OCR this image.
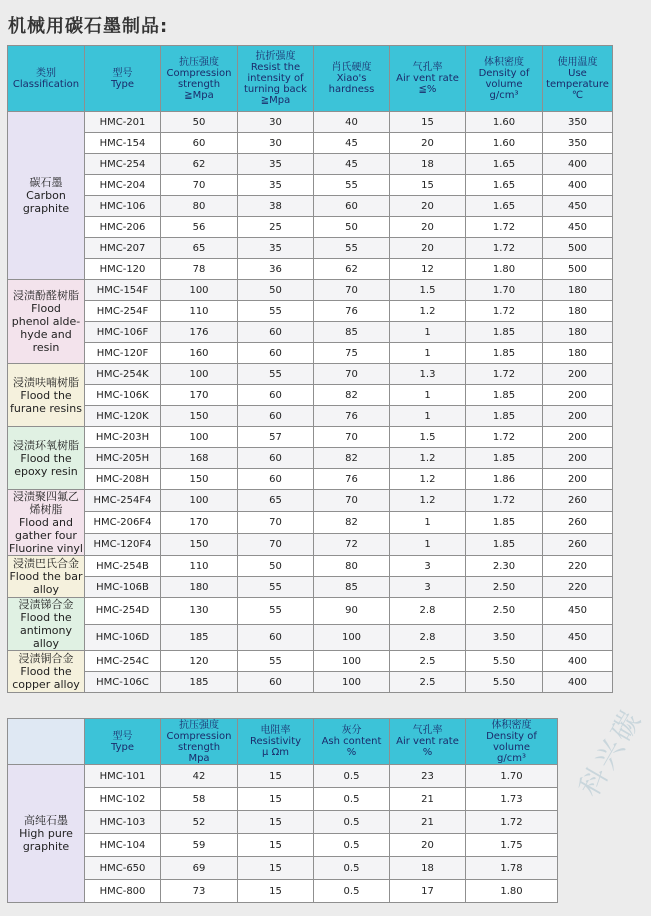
机械用碳石墨制品:
类别
Classification	型号
Type	抗压强度
Compression
strength
≧Mpa	抗折强度
Resist the
intensity of
turning back
≧Mpa	肖氏硬度
Xiao's
hardness	气孔率
Air vent rate
≦%	体积密度
Density of
volume
g/cm³	使用温度
Use
temperature
℃
碳石墨
Carbon
graphite	HMC-201	50	30	40	15	1.60	350
	HMC-154	60	30	45	20	1.60	350
	HMC-254	62	35	45	18	1.65	400
	HMC-204	70	35	55	15	1.65	400
	HMC-106	80	38	60	20	1.65	450
	HMC-206	56	25	50	20	1.72	450
	HMC-207	65	35	55	20	1.72	500
	HMC-120	78	36	62	12	1.80	500
浸渍酚醛树脂
Flood
phenol alde-
hyde and
resin	HMC-154F	100	50	70	1.5	1.70	180
	HMC-254F	110	55	76	1.2	1.72	180
	HMC-106F	176	60	85	1	1.85	180
	HMC-120F	160	60	75	1	1.85	180
浸渍呋喃树脂
Flood the
furane resins	HMC-254K	100	55	70	1.3	1.72	200
	HMC-106K	170	60	82	1	1.85	200
	HMC-120K	150	60	76	1	1.85	200
浸渍环氧树脂
Flood the
epoxy resin	HMC-203H	100	57	70	1.5	1.72	200
	HMC-205H	168	60	82	1.2	1.85	200
	HMC-208H	150	60	76	1.2	1.86	200
浸渍聚四氟乙
烯树脂
Flood and
gather four
Fluorine vinyl	HMC-254F4	100	65	70	1.2	1.72	260
	HMC-206F4	170	70	82	1	1.85	260
	HMC-120F4	150	70	72	1	1.85	260
浸渍巴氏合金
Flood the bar
alloy	HMC-254B	110	50	80	3	2.30	220
	HMC-106B	180	55	85	3	2.50	220
浸渍锑合金
Flood the
antimony alloy	HMC-254D	130	55	90	2.8	2.50	450
	HMC-106D	185	60	100	2.8	3.50	450
浸渍铜合金
Flood the
copper alloy	HMC-254C	120	55	100	2.5	5.50	400
	HMC-106C	185	60	100	2.5	5.50	400
	型号
Type	抗压强度
Compression
strength
Mpa	电阻率
Resistivity
μ Ωm	灰分
Ash content
%	气孔率
Air vent rate
%	体积密度
Density of
volume
g/cm³
高纯石墨
High pure
graphite	HMC-101	42	15	0.5	23	1.70
	HMC-102	58	15	0.5	21	1.73
	HMC-103	52	15	0.5	21	1.72
	HMC-104	59	15	0.5	20	1.75
	HMC-650	69	15	0.5	18	1.78
	HMC-800	73	15	0.5	17	1.80
科兴碳
